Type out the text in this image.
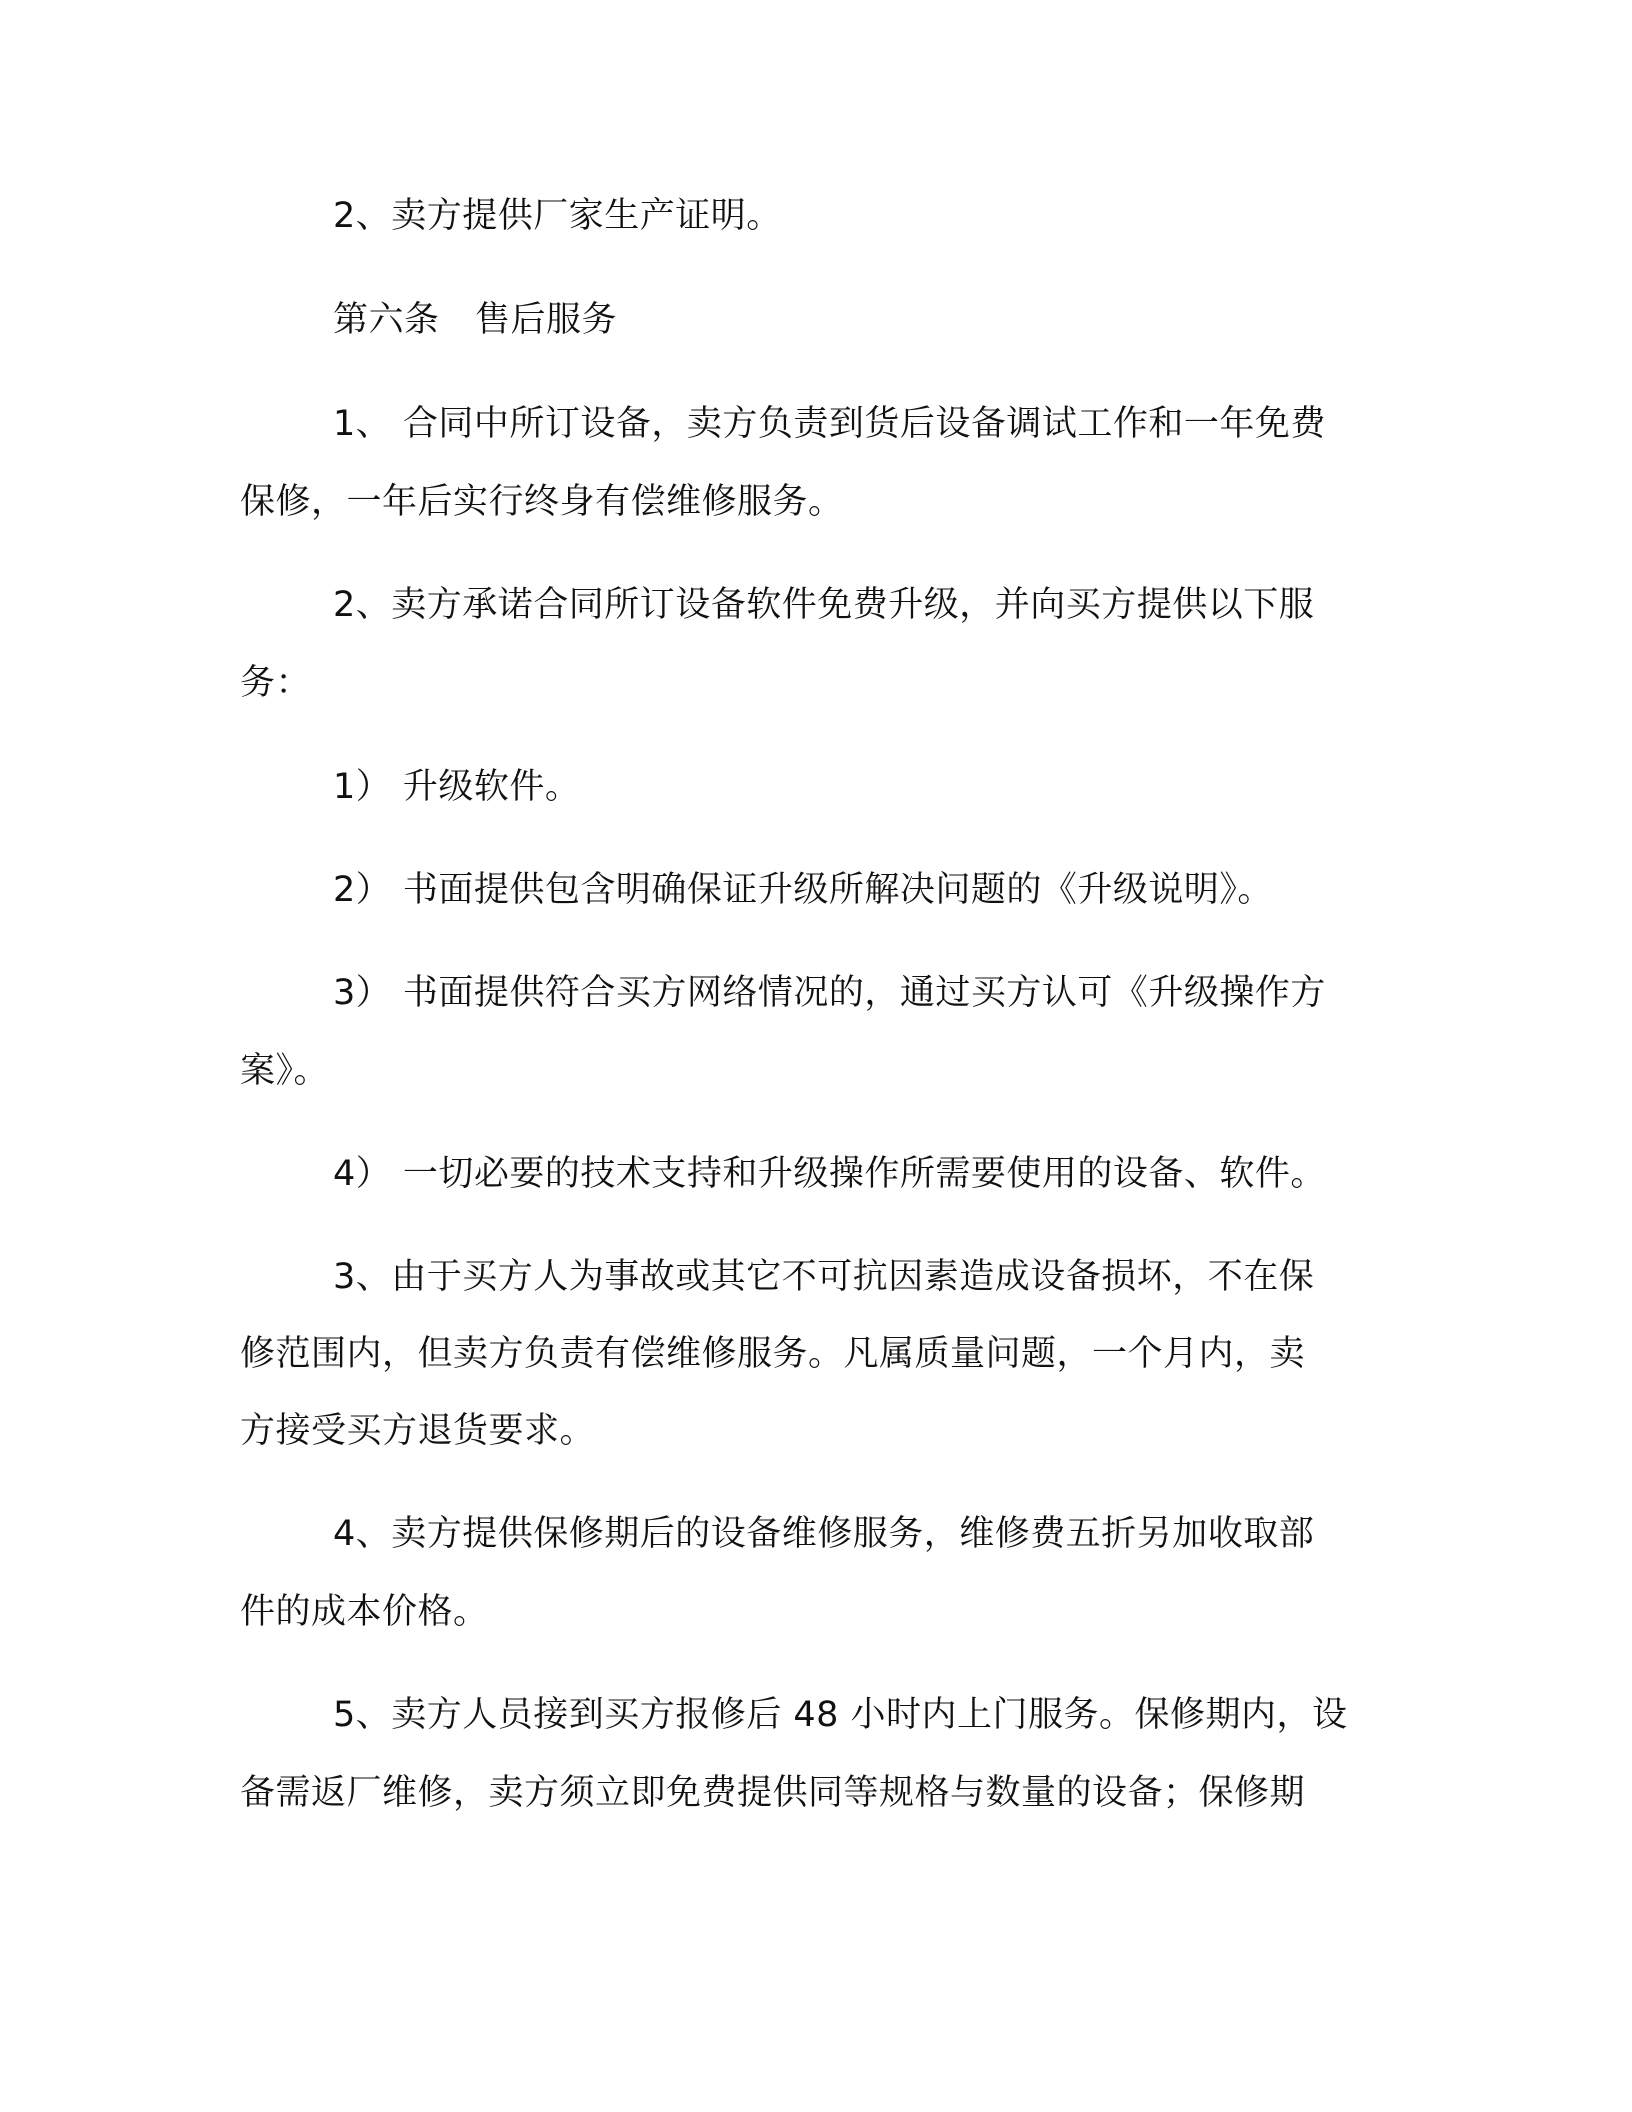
2、卖方提供厂家生产证明。

第六条　售后服务

1、 合同中所订设备，卖方负责到货后设备调试工作和一年免费

保修，一年后实行终身有偿维修服务。

2、卖方承诺合同所订设备软件免费升级，并向买方提供以下服

务：

1） 升级软件。

2） 书面提供包含明确保证升级所解决问题的《升级说明》。

3） 书面提供符合买方网络情况的，通过买方认可《升级操作方

案》。

4） 一切必要的技术支持和升级操作所需要使用的设备、软件。

3、由于买方人为事故或其它不可抗因素造成设备损坏，不在保

修范围内，但卖方负责有偿维修服务。凡属质量问题，一个月内，卖

方接受买方退货要求。

4、卖方提供保修期后的设备维修服务，维修费五折另加收取部

件的成本价格。

5、卖方人员接到买方报修后 48 小时内上门服务。保修期内，设

备需返厂维修，卖方须立即免费提供同等规格与数量的设备；保修期
